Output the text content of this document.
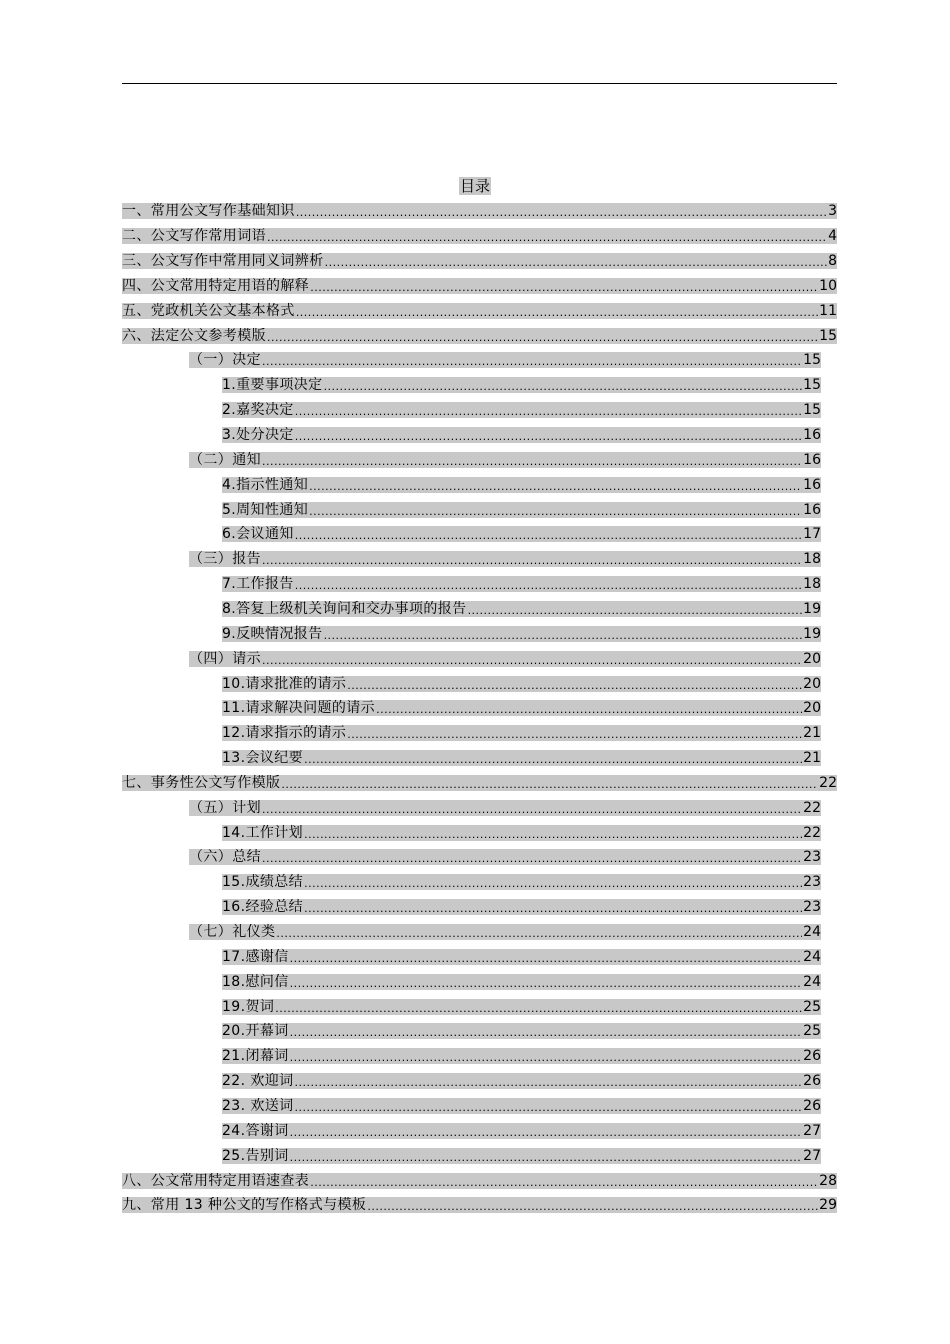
目录
一、常用公文写作基础知识 .....	3
二、公文写作常用词语 .....	4
三、公文写作中常用同义词辨析 .....	8
四、公文常用特定用语的解释 .....	10
五、党政机关公文基本格式 .....	11
六、法定公文参考模版 .....	15
（一）决定 .....	15
1.重要事项决定 .....	15
2.嘉奖决定 .....	15
3.处分决定 .....	16
（二）通知 .....	16
4.指示性通知 .....	16
5.周知性通知 .....	16
6.会议通知 .....	17
（三）报告 .....	18
7.工作报告 .....	18
8.答复上级机关询问和交办事项的报告 .....	19
9.反映情况报告 .....	19
（四）请示 .....	20
10.请求批准的请示 .....	20
11.请求解决问题的请示 .....	20
12.请求指示的请示 .....	21
13.会议纪要 .....	21
七、事务性公文写作模版 .....	22
（五）计划 .....	22
14.工作计划 .....	22
（六）总结 .....	23
15.成绩总结 .....	23
16.经验总结 .....	23
（七）礼仪类 .....	24
17.感谢信 .....	24
18.慰问信 .....	24
19.贺词 .....	25
20.开幕词 .....	25
21.闭幕词 .....	26
22. 欢迎词 .....	26
23. 欢送词 .....	26
24.答谢词 .....	27
25.告别词 .....	27
八、公文常用特定用语速查表 .....	28
九、常用 13 种公文的写作格式与模板 .....	29
